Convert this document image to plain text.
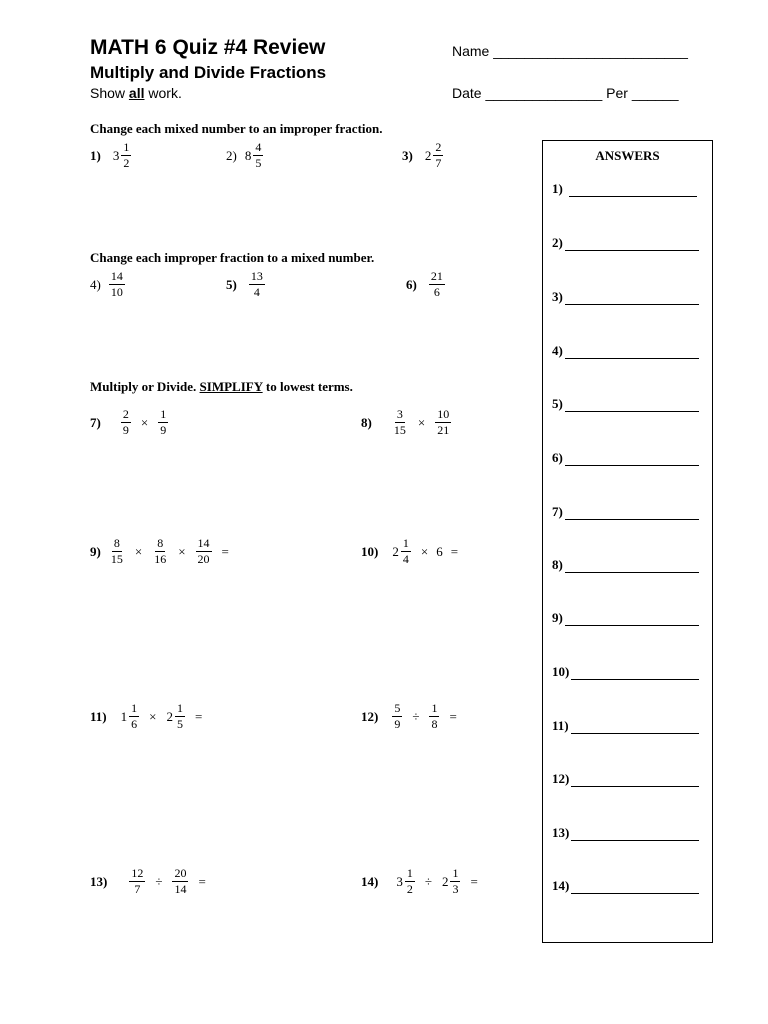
MATH 6 Quiz #4 Review
Multiply and Divide Fractions
Show all work.
Name _________________________
Date _______________ Per ______
Change each mixed number to an improper fraction.
Change each improper fraction to a mixed number.
Multiply or Divide. SIMPLIFY to lowest terms.
1) $3 \frac{1}{2}$	2) $8 \frac{4}{5}$	3) $2 \frac{2}{7}$
$4) \frac{14}{10}$	$5) \frac{13}{4}$	$6) \frac{21}{6}$
$7) \frac{2}{9} \times \frac{1}{9}$	$8) \frac{3}{15} \times \frac{10}{21}$
$9) \frac{8}{15} \times \frac{8}{16} \times \frac{14}{20}$ =	10) $2 \frac{1}{4} \times 6$ =
11) $1 \frac{1}{6} \times 2 \frac{1}{5}$ =	$12) \frac{5}{9} \div \frac{1}{8}$ =
$13) \frac{12}{7} \div \frac{20}{14}$ =	14) $3 \frac{1}{2} \div 2 \frac{1}{3}$ =
ANSWERS
1)
2)
3)
4)
5)
6)
7)
8)
9)
10)
11)
12)
13)
14)
